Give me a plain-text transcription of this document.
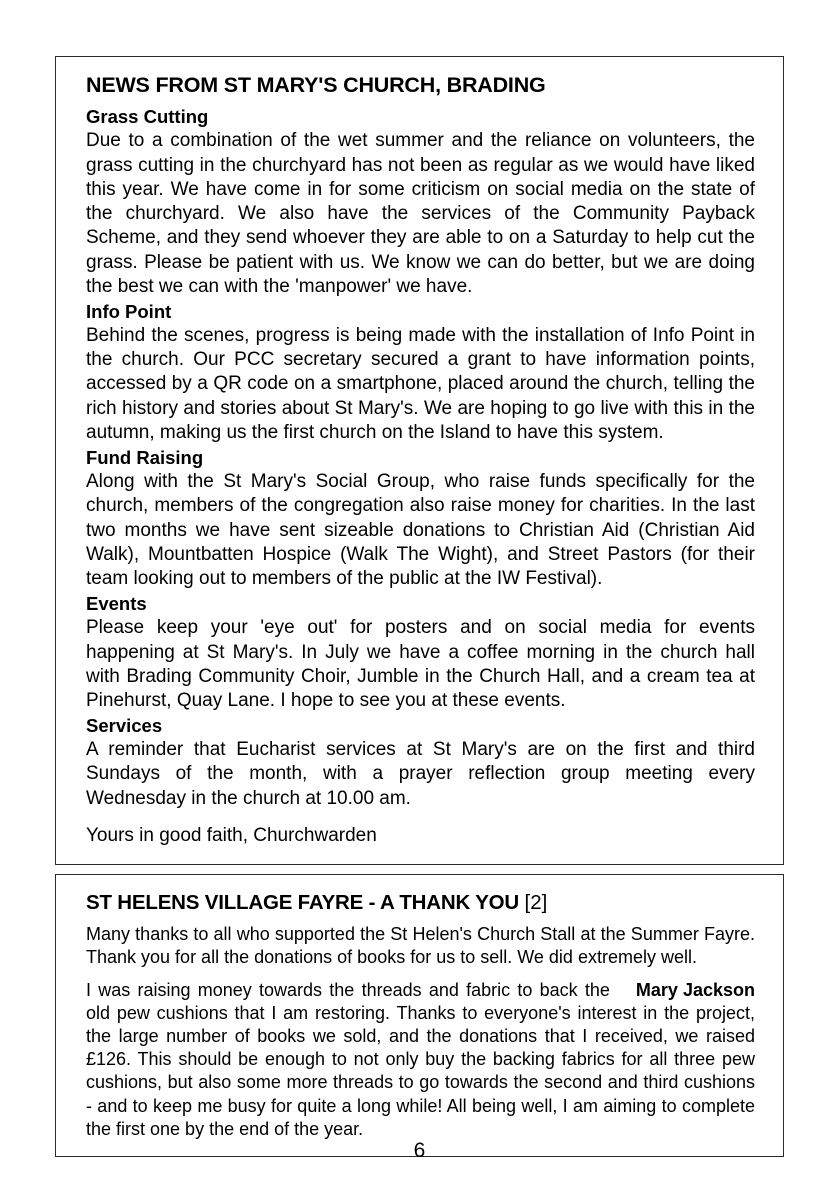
NEWS FROM ST MARY'S CHURCH, BRADING
Grass Cutting

Due to a combination of the wet summer and the reliance on volunteers, the grass cutting in the churchyard has not been as regular as we would have liked this year. We have come in for some criticism on social media on the state of the churchyard. We also have the services of the Community Payback Scheme, and they send whoever they are able to on a Saturday to help cut the grass. Please be patient with us. We know we can do better, but we are doing the best we can with the 'manpower' we have.

Info Point

Behind the scenes, progress is being made with the installation of Info Point in the church. Our PCC secretary secured a grant to have information points, accessed by a QR code on a smartphone, placed around the church, telling the rich history and stories about St Mary's. We are hoping to go live with this in the autumn, making us the first church on the Island to have this system.

Fund Raising

Along with the St Mary's Social Group, who raise funds specifically for the church, members of the congregation also raise money for charities. In the last two months we have sent sizeable donations to Christian Aid (Christian Aid Walk), Mountbatten Hospice (Walk The Wight), and Street Pastors (for their team looking out to members of the public at the IW Festival).

Events

Please keep your 'eye out' for posters and on social media for events happening at St Mary's. In July we have a coffee morning in the church hall with Brading Community Choir, Jumble in the Church Hall, and a cream tea at Pinehurst, Quay Lane. I hope to see you at these events.

Services

A reminder that Eucharist services at St Mary's are on the first and third Sundays of the month, with a prayer reflection group meeting every Wednesday in the church at 10.00 am.

Yours in good faith, Churchwarden

ST HELENS VILLAGE FAYRE - A THANK YOU [2]

Many thanks to all who supported the St Helen's Church Stall at the Summer Fayre. Thank you for all the donations of books for us to sell. We did extremely well.

Mary Jackson
I was raising money towards the threads and fabric to back the old pew cushions that I am restoring. Thanks to everyone's interest in the project, the large number of books we sold, and the donations that I received, we raised £126. This should be enough to not only buy the backing fabrics for all three pew cushions, but also some more threads to go towards the second and third cushions - and to keep me busy for quite a long while! All being well, I am aiming to complete the first one by the end of the year.
6
